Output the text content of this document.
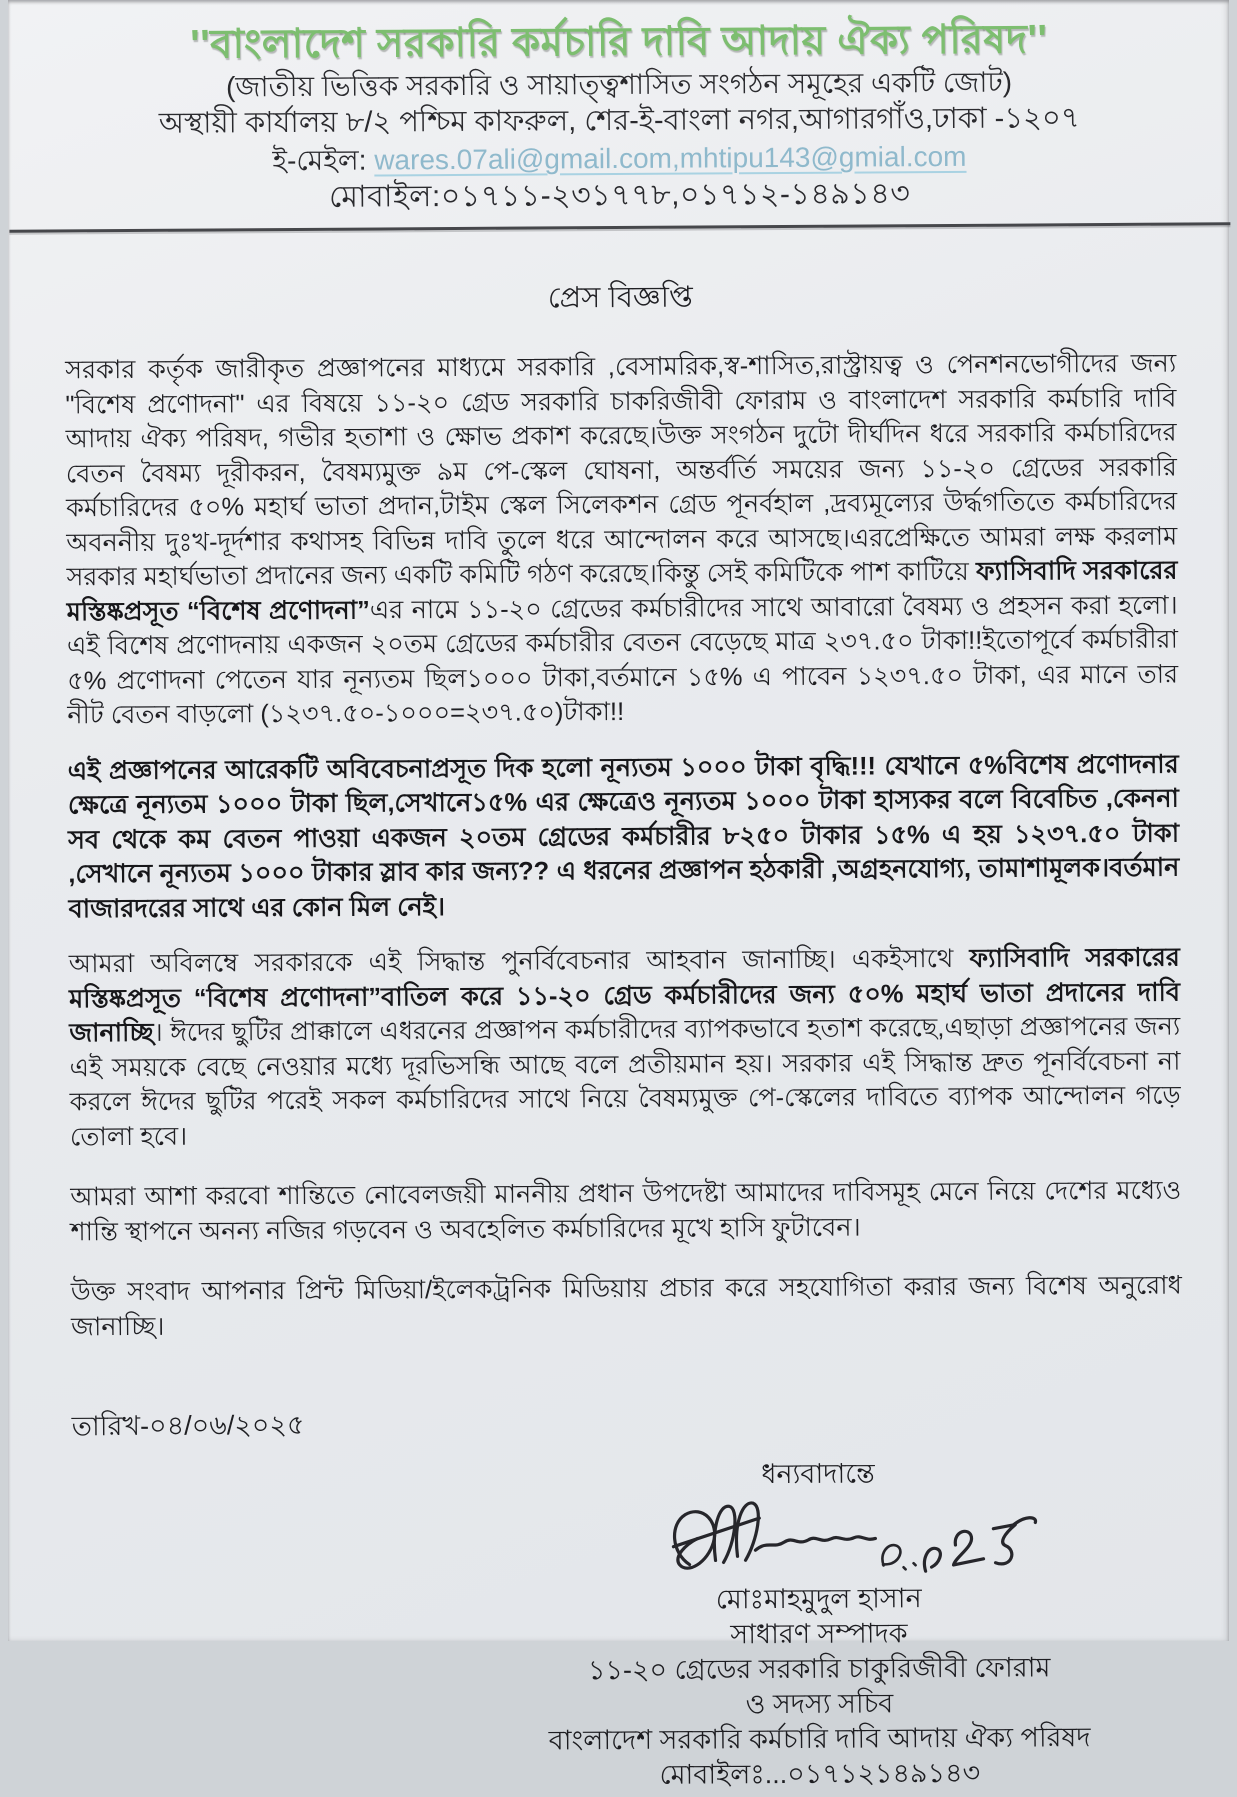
''বাংলাদেশ সরকারি কর্মচারি দাবি আদায় ঐক্য পরিষদ''
(জাতীয় ভিত্তিক সরকারি ও সায়াত্ত্বশাসিত সংগঠন সমূহের একটি জোট)
অস্থায়ী কার্যালয় ৮/২ পশ্চিম কাফরুল, শের-ই-বাংলা নগর,আগারগাঁও,ঢাকা -১২০৭
ই-মেইল: wares.07ali@gmail.com,mhtipu143@gmial.com
মোবাইল:০১৭১১-২৩১৭৭৮,০১৭১২-১৪৯১৪৩
প্রেস বিজ্ঞপ্তি

সরকার কর্তৃক জারীকৃত প্রজ্ঞাপনের মাধ্যমে সরকারি ,বেসামরিক,স্ব-শাসিত,রাস্ট্রায়ত্ব ও পেনশনভোগীদের জন্য "বিশেষ প্রণোদনা" এর বিষয়ে ১১-২০ গ্রেড সরকারি চাকরিজীবী ফোরাম ও বাংলাদেশ সরকারি কর্মচারি দাবি আদায় ঐক্য পরিষদ, গভীর হতাশা ও ক্ষোভ প্রকাশ করেছে।উক্ত সংগঠন দুটো দীর্ঘদিন ধরে সরকারি কর্মচারিদের বেতন বৈষম্য দূরীকরন, বৈষম্যমুক্ত ৯ম পে-স্কেল ঘোষনা, অন্তর্বর্তি সময়ের জন্য ১১-২০ গ্রেডের সরকারি কর্মচারিদের ৫০% মহার্ঘ ভাতা প্রদান,টাইম স্কেল সিলেকশন গ্রেড পূনর্বহাল ,দ্রব্যমূল্যের উর্দ্ধগতিতে কর্মচারিদের অবননীয় দুঃখ-দূর্দশার কথাসহ বিভিন্ন দাবি তুলে ধরে আন্দোলন করে আসছে।এরপ্রেক্ষিতে আমরা লক্ষ করলাম সরকার মহার্ঘভাতা প্রদানের জন্য একটি কমিটি গঠণ করেছে।কিন্তু সেই কমিটিকে পাশ কাটিয়ে ফ্যাসিবাদি সরকারের মস্তিষ্কপ্রসূত “বিশেষ প্রণোদনা”এর নামে ১১-২০ গ্রেডের কর্মচারীদের সাথে আবারো বৈষম্য ও প্রহসন করা হলো।এই বিশেষ প্রণোদনায় একজন ২০তম গ্রেডের কর্মচারীর বেতন বেড়েছে মাত্র ২৩৭.৫০ টাকা!!ইতোপূর্বে কর্মচারীরা ৫% প্রণোদনা পেতেন যার নূন্যতম ছিল১০০০ টাকা,বর্তমানে ১৫% এ পাবেন ১২৩৭.৫০ টাকা, এর মানে তার নীট বেতন বাড়লো (১২৩৭.৫০-১০০০=২৩৭.৫০)টাকা!!

এই প্রজ্ঞাপনের আরেকটি অবিবেচনাপ্রসূত দিক হলো নূন্যতম ১০০০ টাকা বৃদ্ধি!!! যেখানে ৫%বিশেষ প্রণোদনার ক্ষেত্রে নূন্যতম ১০০০ টাকা ছিল,সেখানে১৫% এর ক্ষেত্রেও নূন্যতম ১০০০ টাকা হাস্যকর বলে বিবেচিত ,কেননা সব থেকে কম বেতন পাওয়া একজন ২০তম গ্রেডের কর্মচারীর ৮২৫০ টাকার ১৫% এ হয় ১২৩৭.৫০ টাকা ,সেখানে নূন্যতম ১০০০ টাকার স্লাব কার জন্য?? এ ধরনের প্রজ্ঞাপন হঠকারী ,অগ্রহনযোগ্য, তামাশামূলক।বর্তমান বাজারদরের সাথে এর কোন মিল নেই।

আমরা অবিলম্বে সরকারকে এই সিদ্ধান্ত পুনর্বিবেচনার আহবান জানাচ্ছি। একইসাথে ফ্যাসিবাদি সরকারের মস্তিষ্কপ্রসূত “বিশেষ প্রণোদনা”বাতিল করে ১১-২০ গ্রেড কর্মচারীদের জন্য ৫০% মহার্ঘ ভাতা প্রদানের দাবি জানাচ্ছি। ঈদের ছুটির প্রাক্কালে এধরনের প্রজ্ঞাপন কর্মচারীদের ব্যাপকভাবে হতাশ করেছে,এছাড়া প্রজ্ঞাপনের জন্য এই সময়কে বেছে নেওয়ার মধ্যে দূরভিসন্ধি আছে বলে প্রতীয়মান হয়। সরকার এই সিদ্ধান্ত দ্রুত পূনর্বিবেচনা না করলে ঈদের ছুটির পরেই সকল কর্মচারিদের সাথে নিয়ে বৈষম্যমুক্ত পে-স্কেলের দাবিতে ব্যাপক আন্দোলন গড়ে তোলা হবে।

আমরা আশা করবো শান্তিতে নোবেলজয়ী মাননীয় প্রধান উপদেষ্টা আমাদের দাবিসমূহ মেনে নিয়ে দেশের মধ্যেও শান্তি স্থাপনে অনন্য নজির গড়বেন ও অবহেলিত কর্মচারিদের মূখে হাসি ফুটাবেন।

উক্ত সংবাদ আপনার প্রিন্ট মিডিয়া/ইলেকট্রনিক মিডিয়ায় প্রচার করে সহযোগিতা করার জন্য বিশেষ অনুরোধ জানাচ্ছি।

তারিখ-০৪/০৬/২০২৫
ধন্যবাদান্তে
মোঃমাহমুদুল হাসান
সাধারণ সম্পাদক
১১-২০ গ্রেডের সরকারি চাকুরিজীবী ফোরাম
ও সদস্য সচিব
বাংলাদেশ সরকারি কর্মচারি দাবি আদায় ঐক্য পরিষদ
মোবাইলঃ...০১৭১২১৪৯১৪৩
